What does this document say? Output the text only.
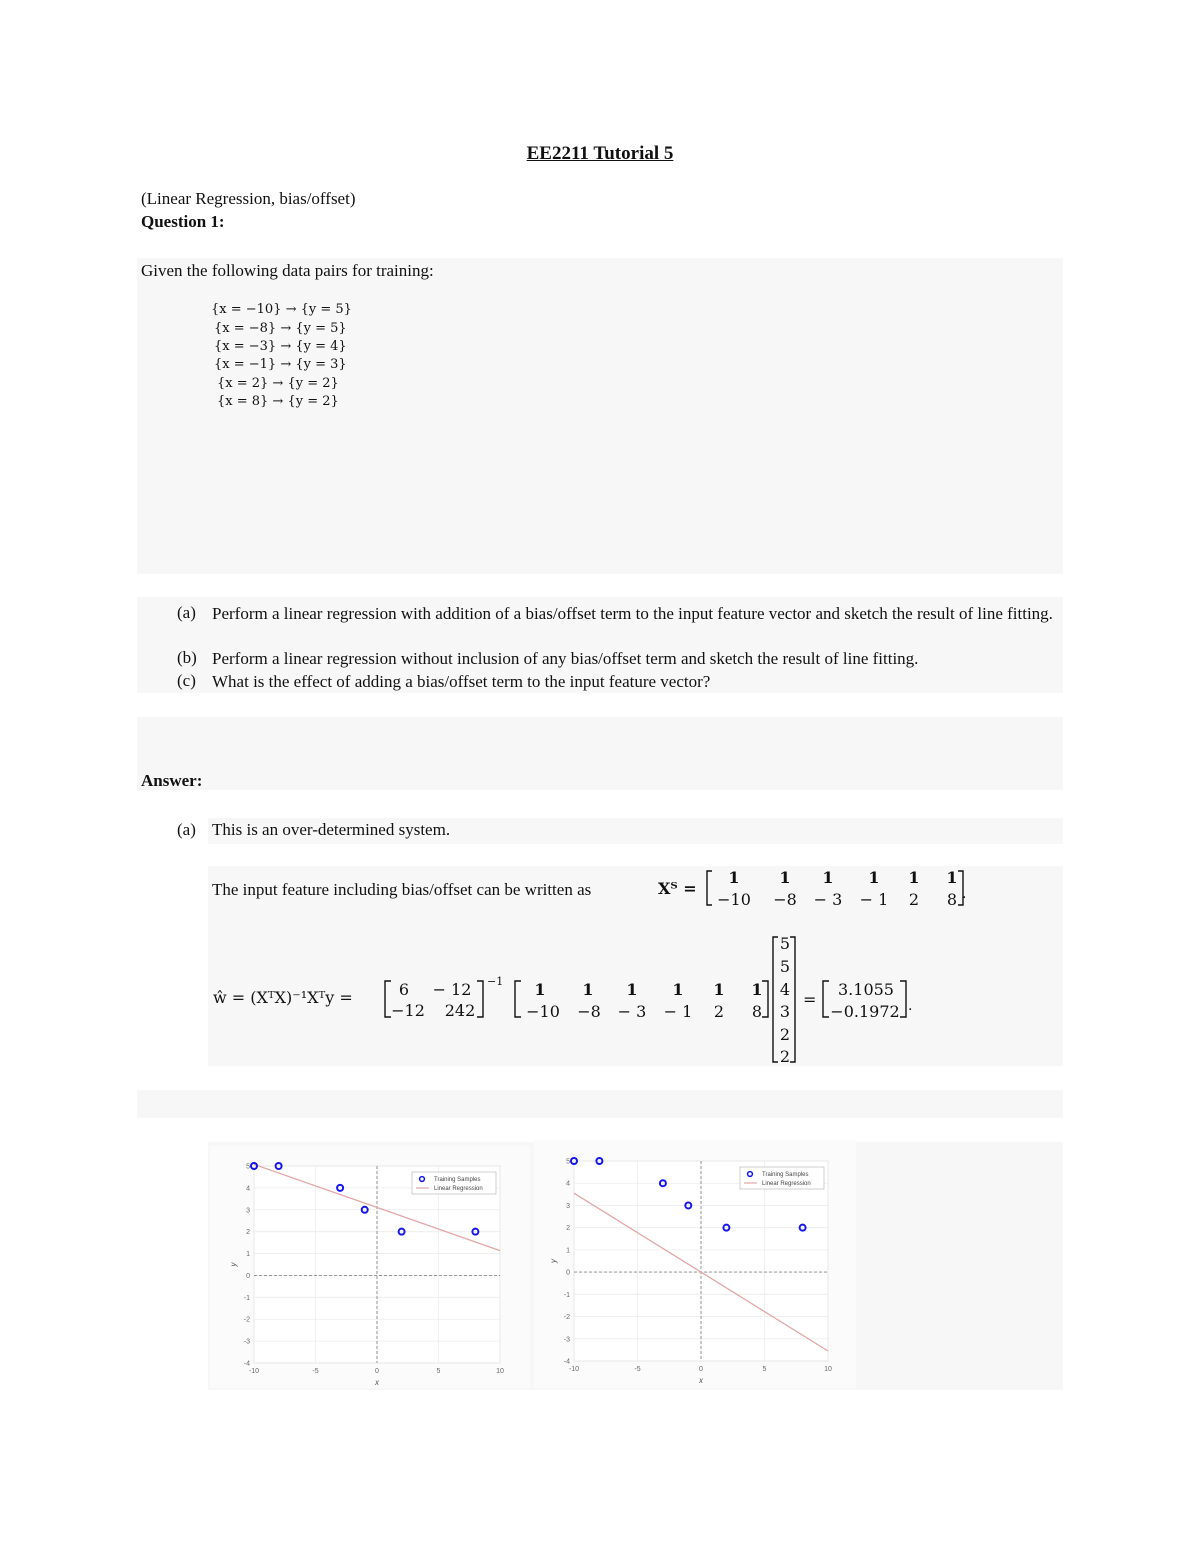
EE2211 Tutorial 5
(Linear Regression, bias/offset)
Question 1:
Given the following data pairs for training:
{x = −10} → {y = 5}
{x = −8} → {y = 5}
{x = −3} → {y = 4}
{x = −1} → {y = 3}
{x = 2} → {y = 2}
{x = 8} → {y = 2}
(a) Perform a linear regression with addition of a bias/offset term to the input feature vector and sketch the result of line fitting.
(b) Perform a linear regression without inclusion of any bias/offset term and sketch the result of line fitting.
(c) What is the effect of adding a bias/offset term to the input feature vector?
Answer:
(a) This is an over-determined system.
The input feature including bias/offset can be written as	Xᵀ =
1	1	1	1	1	1
−10	−8	− 3	− 1	2	8 .
ŵ = (XᵀX)⁻¹Xᵀy =	6	− 12
−12	242
−1	1	1	1	1	1	1
−10	−8	− 3	− 1	2	8
5
5
4
3
2
2
=
3.1055
−0.1972 .
-10	-5	0	5	10
-4
-3
-2
-1
0
1
2
3
4
5
x
y
Training Samples
Linear Regression
-10	-5	0	5	10
-4
-3
-2
-1
0
1
2
3
4
5
x
y
Training Samples
Linear Regression
